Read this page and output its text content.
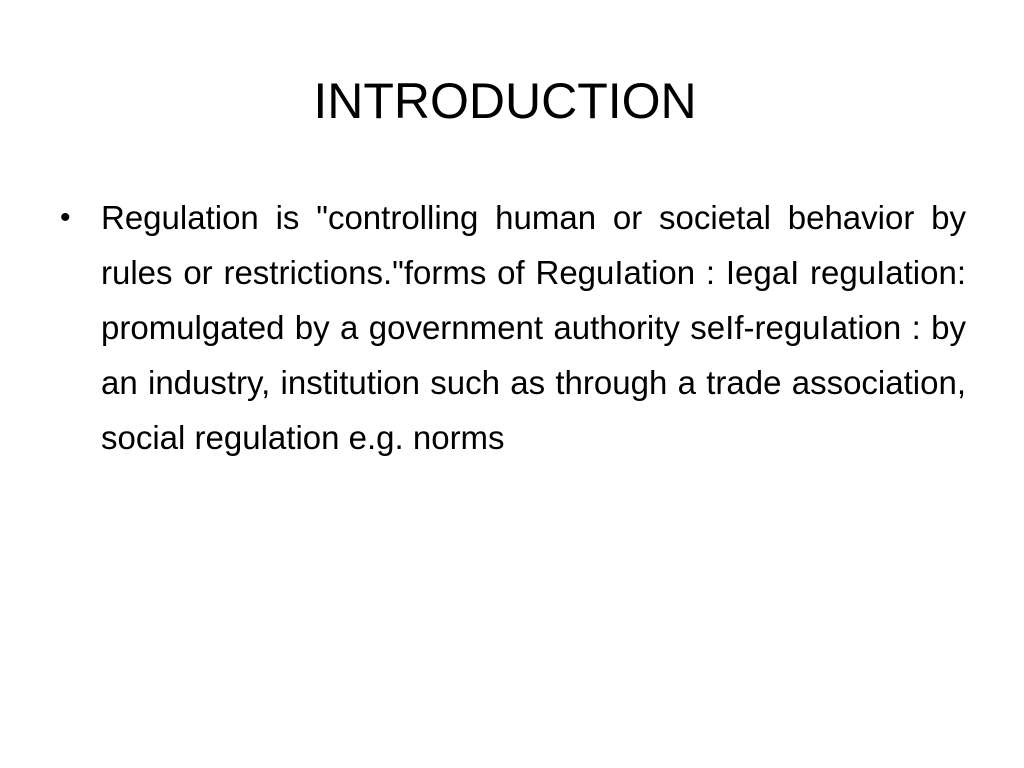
INTRODUCTION
• Regulation is "controlling human or societal behavior by rules or restrictions."forms of ReguIation : IegaI reguIation: promulgated by a government authority seIf-reguIation : by an industry, institution such as through a trade association, social regulation e.g. norms
